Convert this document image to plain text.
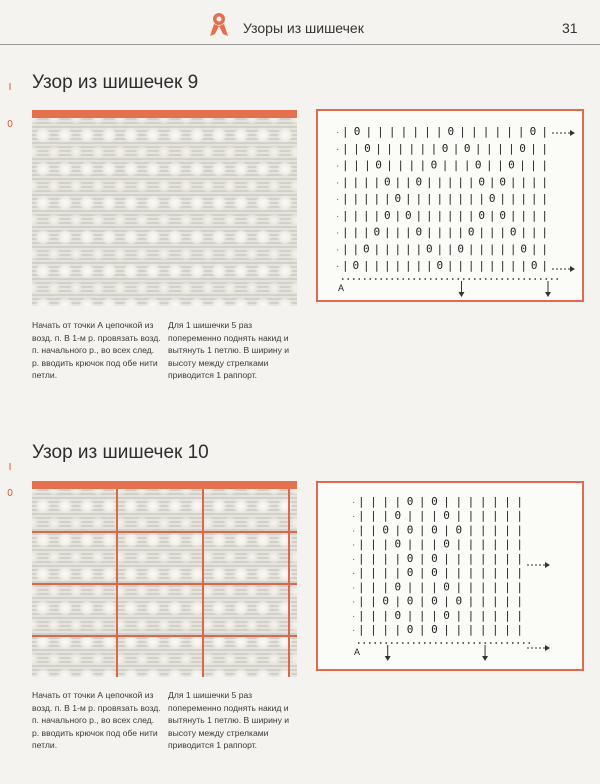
Узоры из шишечек	31
I
0
I
0
Узор из шишечек 9
|0|||||||0||||||0|
·
||0||||||0|0||||0||
·
|||0||||0|||0||0|||
·
||||0||0|||||0|0||||
·
|||||0||||||||0|||||
·
||||0|0||||||0|0||||
·
|||0|||0||||0|||0|||
·
||0|||||0||0|||||0||
·
|0|||||||0||||||||0|
·
A
Начать от точки А цепочкой из возд. п. В 1-м р. провязать возд. п. начального р., во всех след. р. вводить крючок под обе нити петли.
Для 1 шишечки 5 раз попеременно поднять накид и вытянуть 1 петлю. В ширину и высоту между стрелками приводится 1 раппорт.
Узор из шишечек 10
||||0|0|||||||
·
|||0|||0||||||
·
||0|0|0|0|||||
·
|||0|||0||||||
·
||||0|0|||||||
·
||||0|0|||||||
·
|||0|||0||||||
·
||0|0|0|0|||||
·
|||0|||0||||||
·
||||0|0|||||||
·
A
Начать от точки А цепочкой из возд. п. В 1-м р. провязать возд. п. начального р., во всех след. р. вводить крючок под обе нити петли.
Для 1 шишечки 5 раз попеременно поднять накид и вытянуть 1 петлю. В ширину и высоту между стрелками приводится 1 раппорт.
